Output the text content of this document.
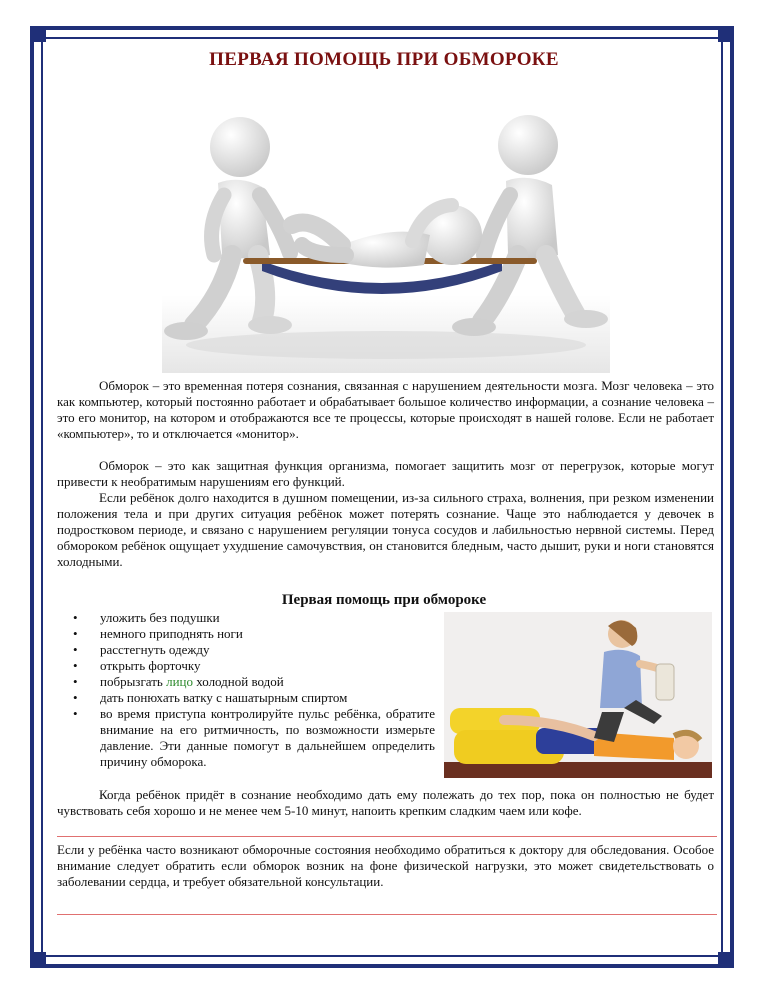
ПЕРВАЯ ПОМОЩЬ ПРИ ОБМОРОКЕ

Обморок – это временная потеря сознания, связанная с нарушением деятельности мозга. Мозг человека – это как компьютер, который постоянно работает и обрабатывает большое количество информации, а сознание человека – это его монитор, на котором и отображаются все те процессы, которые происходят в нашей голове. Если не работает «компьютер», то и отключается «монитор».

Обморок – это как защитная функция организма, помогает защитить мозг от перегрузок, которые могут привести к необратимым нарушениям его функций.

Если ребёнок долго находится в душном помещении, из-за сильного страха, волнения, при резком изменении положения тела и при других ситуация ребёнок может потерять сознание. Чаще это наблюдается у девочек в подростковом периоде, и связано с нарушением регуляции тонуса сосудов и лабильностью нервной системы. Перед обмороком ребёнок ощущает ухудшение самочувствия, он становится бледным, часто дышит, руки и ноги становятся холодными.

Первая помощь при обмороке
• уложить без подушки
• немного приподнять ноги
• расстегнуть одежду
• открыть форточку
• побрызгать лицо холодной водой
• дать понюхать ватку с нашатырным спиртом
• во время приступа контролируйте пульс ребёнка, обратите внимание на его ритмичность, по возможности измерьте давление. Эти данные помогут в дальнейшем определить причину обморока.

Когда ребёнок придёт в сознание необходимо дать ему полежать до тех пор, пока он полностью не будет чувствовать себя хорошо и не менее чем 5-10 минут, напоить крепким сладким чаем или кофе.

Если у ребёнка часто возникают обморочные состояния необходимо обратиться к доктору для обследования. Особое внимание следует обратить если обморок возник на фоне физической нагрузки, это может свидетельствовать о заболевании сердца, и требует обязательной консультации.
